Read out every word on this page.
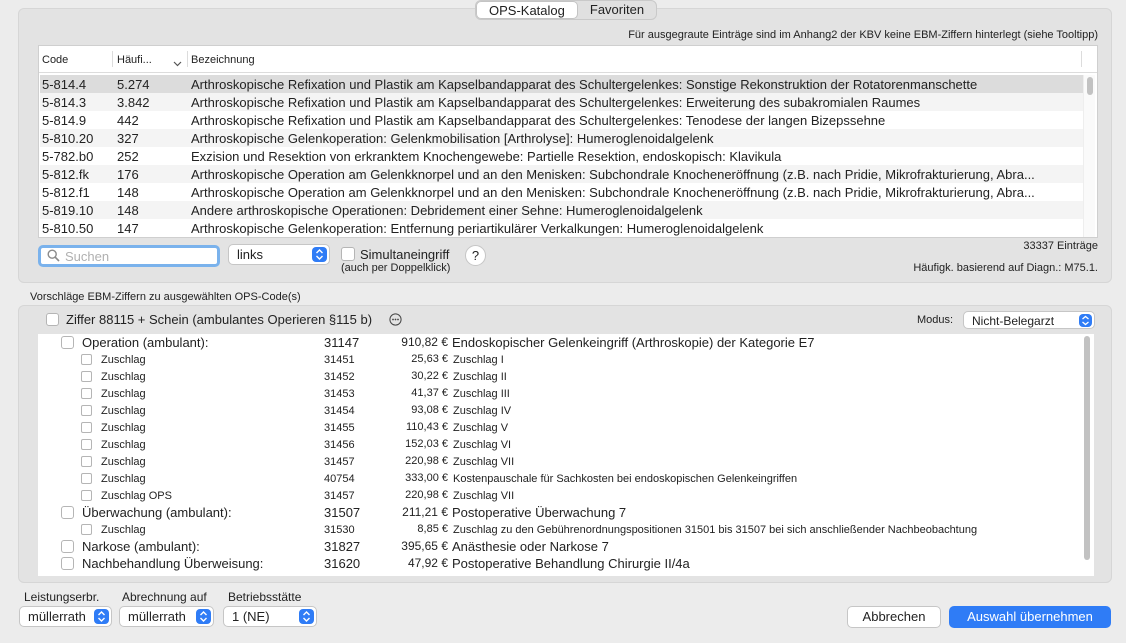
OPS-Katalog	Favoriten
Für ausgegraute Einträge sind im Anhang2 der KBV keine EBM-Ziffern hinterlegt (siehe Tooltipp)
Code	Häufi...	Bezeichnung
5-814.4 5.274	Arthroskopische Refixation und Plastik am Kapselbandapparat des Schultergelenkes: Sonstige Rekonstruktion der Rotatorenmanschette
5-814.3 3.842	Arthroskopische Refixation und Plastik am Kapselbandapparat des Schultergelenkes: Erweiterung des subakromialen Raumes
5-814.9 442	Arthroskopische Refixation und Plastik am Kapselbandapparat des Schultergelenkes: Tenodese der langen Bizepssehne
5-810.20 327	Arthroskopische Gelenkoperation: Gelenkmobilisation [Arthrolyse]: Humeroglenoidalgelenk
5-782.b0 252	Exzision und Resektion von erkranktem Knochengewebe: Partielle Resektion, endoskopisch: Klavikula
5-812.fk 176	Arthroskopische Operation am Gelenkknorpel und an den Menisken: Subchondrale Knocheneröffnung (z.B. nach Pridie, Mikrofrakturierung, Abra...
5-812.f1 148	Arthroskopische Operation am Gelenkknorpel und an den Menisken: Subchondrale Knocheneröffnung (z.B. nach Pridie, Mikrofrakturierung, Abra...
5-819.10 148	Andere arthroskopische Operationen: Debridement einer Sehne: Humeroglenoidalgelenk
5-810.50 147	Arthroskopische Gelenkoperation: Entfernung periartikulärer Verkalkungen: Humeroglenoidalgelenk
Suchen
links	Simultaneingriff
(auch per Doppelklick)
?
33337 Einträge
Häufigk. basierend auf Diagn.: M75.1.
Vorschläge EBM-Ziffern zu ausgewählten OPS-Code(s)
Ziffer 88115 + Schein (ambulantes Operieren §115 b)	Modus: Nicht-Belegarzt
Operation (ambulant):	31147	910,82 € Endoskopischer Gelenkeingriff (Arthroskopie) der Kategorie E7
Zuschlag	31451	25,63 € Zuschlag I
Zuschlag	31452	30,22 € Zuschlag II
Zuschlag	31453	41,37 € Zuschlag III
Zuschlag	31454	93,08 € Zuschlag IV
Zuschlag	31455	110,43 € Zuschlag V
Zuschlag	31456	152,03 € Zuschlag VI
Zuschlag	31457	220,98 € Zuschlag VII
Zuschlag	40754	333,00 € Kostenpauschale für Sachkosten bei endoskopischen Gelenkeingriffen
Zuschlag OPS	31457	220,98 € Zuschlag VII
Überwachung (ambulant):	31507	211,21 € Postoperative Überwachung 7
Zuschlag	31530	8,85 € Zuschlag zu den Gebührenordnungspositionen 31501 bis 31507 bei sich anschließender Nachbeobachtung
Narkose (ambulant):	31827	395,65 € Anästhesie oder Narkose 7
Nachbehandlung Überweisung:	31620	47,92 € Postoperative Behandlung Chirurgie II/4a
Leistungserbr. Abrechnung auf Betriebsstätte
müllerrath	müllerrath	1 (NE)	Abbrechen	Auswahl übernehmen
